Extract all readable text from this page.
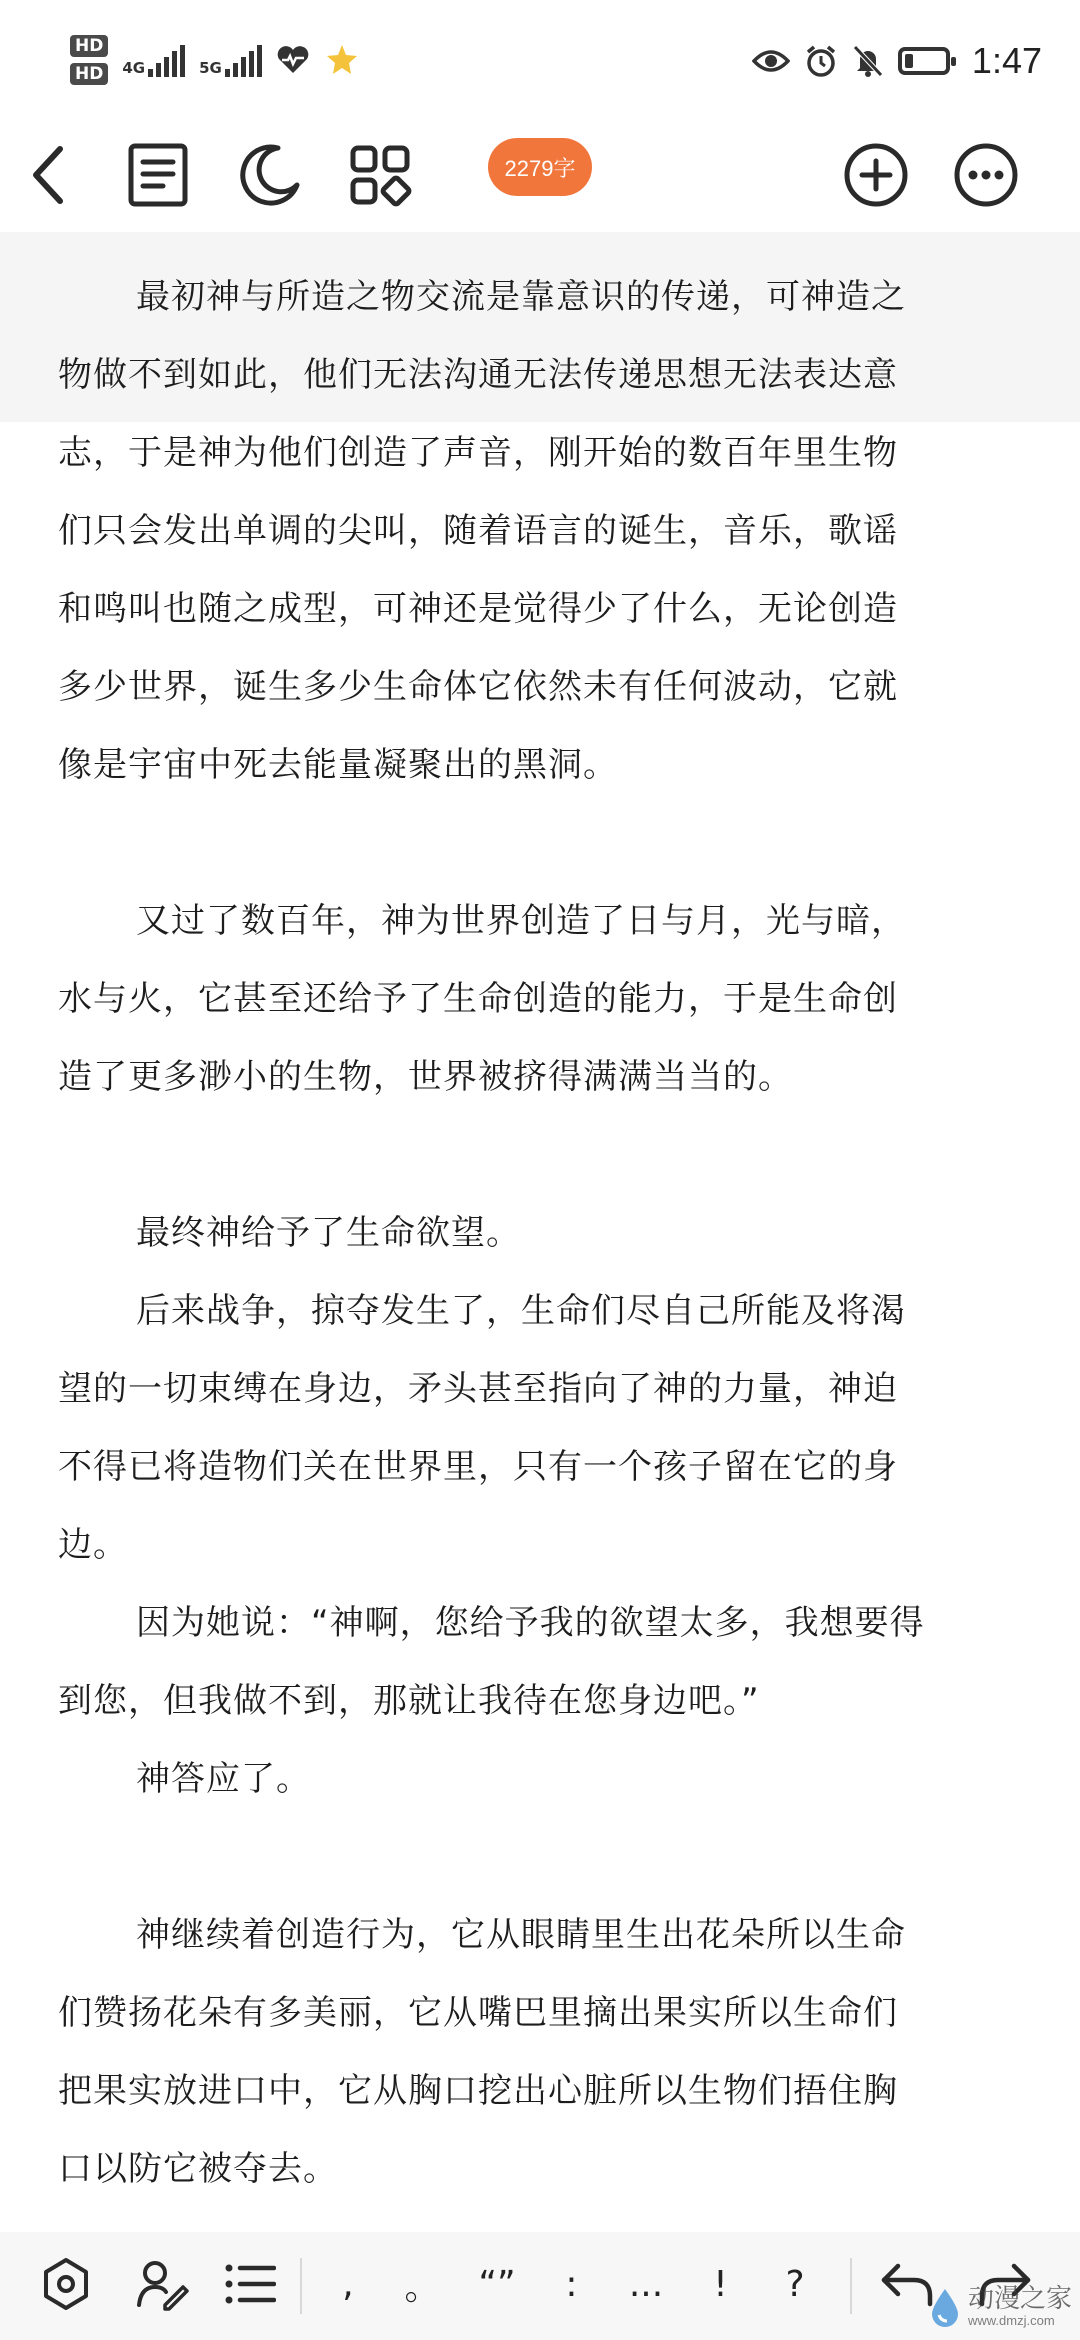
HD
HD	4G	5G	1:47
2279字
最初神与所造之物交流是靠意识的传递，可神造之
物做不到如此，他们无法沟通无法传递思想无法表达意
志，于是神为他们创造了声音，刚开始的数百年里生物
们只会发出单调的尖叫，随着语言的诞生，音乐，歌谣
和鸣叫也随之成型，可神还是觉得少了什么，无论创造
多少世界，诞生多少生命体它依然未有任何波动，它就
像是宇宙中死去能量凝聚出的黑洞。
又过了数百年，神为世界创造了日与月，光与暗，
水与火，它甚至还给予了生命创造的能力，于是生命创
造了更多渺小的生物，世界被挤得满满当当的。
最终神给予了生命欲望。
后来战争，掠夺发生了，生命们尽自己所能及将渴
望的一切束缚在身边，矛头甚至指向了神的力量，神迫
不得已将造物们关在世界里，只有一个孩子留在它的身
边。
因为她说：“神啊，您给予我的欲望太多，我想要得
到您，但我做不到，那就让我待在您身边吧。”
神答应了。
神继续着创造行为，它从眼睛里生出花朵所以生命
们赞扬花朵有多美丽，它从嘴巴里摘出果实所以生命们
把果实放进口中，它从胸口挖出心脏所以生物们捂住胸
口以防它被夺去。
,	。	“”	:	...	!	?	动漫之家
www.dmzj.com
